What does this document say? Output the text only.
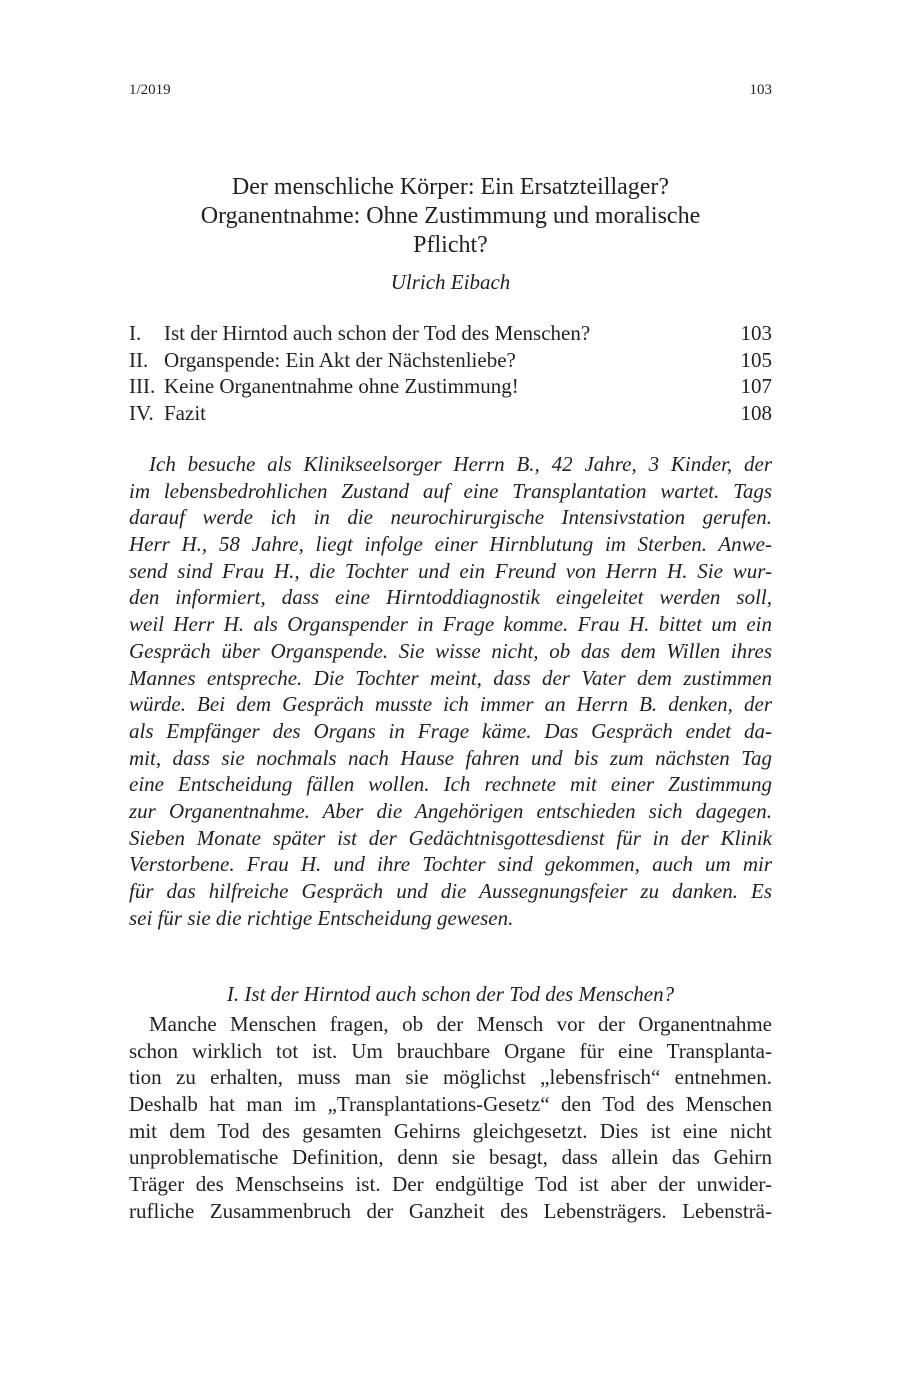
1/2019	103
Der menschliche Körper: Ein Ersatzteillager?
Organentnahme: Ohne Zustimmung und moralische
Pflicht?
Ulrich Eibach
I. Ist der Hirntod auch schon der Tod des Menschen?	103
II. Organspende: Ein Akt der Nächstenliebe?	105
III. Keine Organentnahme ohne Zustimmung!	107
IV. Fazit	108
Ich besuche als Klinikseelsorger Herrn B., 42 Jahre, 3 Kinder, der
im lebensbedrohlichen Zustand auf eine Transplantation wartet. Tags
darauf werde ich in die neurochirurgische Intensivstation gerufen.
Herr H., 58 Jahre, liegt infolge einer Hirnblutung im Sterben. Anwe-
send sind Frau H., die Tochter und ein Freund von Herrn H. Sie wur-
den informiert, dass eine Hirntoddiagnostik eingeleitet werden soll,
weil Herr H. als Organspender in Frage komme. Frau H. bittet um ein
Gespräch über Organspende. Sie wisse nicht, ob das dem Willen ihres
Mannes entspreche. Die Tochter meint, dass der Vater dem zustimmen
würde. Bei dem Gespräch musste ich immer an Herrn B. denken, der
als Empfänger des Organs in Frage käme. Das Gespräch endet da-
mit, dass sie nochmals nach Hause fahren und bis zum nächsten Tag
eine Entscheidung fällen wollen. Ich rechnete mit einer Zustimmung
zur Organentnahme. Aber die Angehörigen entschieden sich dagegen.
Sieben Monate später ist der Gedächtnisgottesdienst für in der Klinik
Verstorbene. Frau H. und ihre Tochter sind gekommen, auch um mir
für das hilfreiche Gespräch und die Aussegnungsfeier zu danken. Es
sei für sie die richtige Entscheidung gewesen.
I. Ist der Hirntod auch schon der Tod des Menschen?
Manche Menschen fragen, ob der Mensch vor der Organentnahme
schon wirklich tot ist. Um brauchbare Organe für eine Transplanta-
tion zu erhalten, muss man sie möglichst „lebensfrisch“ entnehmen.
Deshalb hat man im „Transplantations-Gesetz“ den Tod des Menschen
mit dem Tod des gesamten Gehirns gleichgesetzt. Dies ist eine nicht
unproblematische Definition, denn sie besagt, dass allein das Gehirn
Träger des Menschseins ist. Der endgültige Tod ist aber der unwider-
rufliche Zusammenbruch der Ganzheit des Lebensträgers. Lebensträ-
